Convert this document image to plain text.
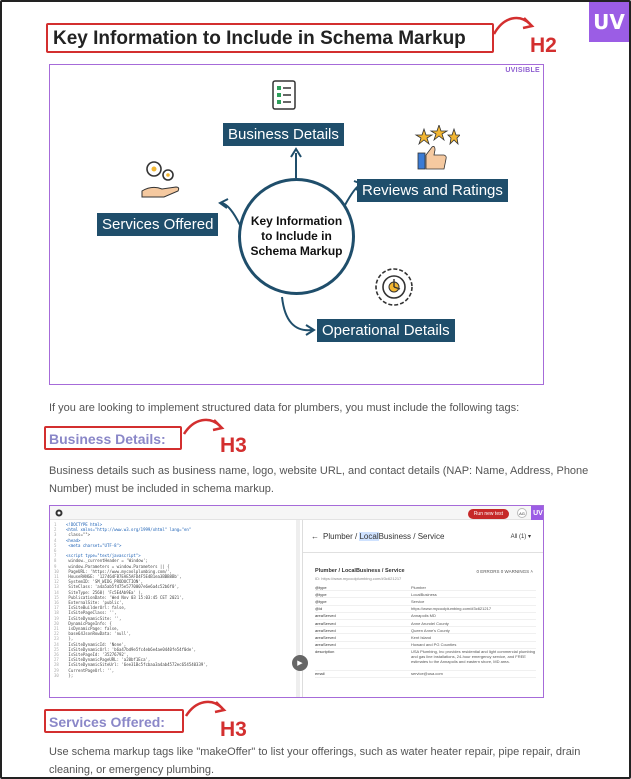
UV
Key Information to Include in Schema Markup	H2
UVISIBLE
Business Details
Reviews and Ratings
Services Offered	Key Information to Include in Schema Markup
Operational Details
If you are looking to implement structured data for plumbers, you must include the following tags:
Business Details:	H3
Business details such as business name, logo, website URL, and contact details (NAP: Name, Address, Phone Number) must be included in schema markup.
Run new test	AG	UV
1 <!DOCTYPE html>
2 <html xmlns="http://www.w3.org/1999/xhtml" lang="en"
3 class="">
4 <head>
5 <meta charset="UTF-8">
6
7 <script type="text/javascript">
8 window._currentHeader = 'Window';
9 window.Parameters = window.Parameters || {
10 PageURL: 'https://www.mycoolplumbing.com/',
11 HouseRANGE: '127464FB7EAE5AFD4F5E4B1ea3BBB8Bb',
12 SystemID: 'SM_WIDG_PRODUCTION',
13 SiteClass: 'a4a5ab5fd75e5770007e6e6a4c52b6f0',
14 SiteType: 2560( 'Fc5E4Ab9Ea' ),
15 PublicationDate: 'Wed Nov 03 15:03:45 CET 2021',
16 ExternalSite: 'public',
17 IsSiteBuilderUrl: false,
18 IsSitePageClass: '',
19 IsSiteDynamicSite: '',
20 DynamicPageInfo: {
21 isDynamicPage: false,
22 base64JsonRowData: 'null',
23 },
24 IsSiteDynamicId: 'None',
25 IsSiteDynamicUrl: 'b6a47bd9e5fc4eb6e4ae0440fe54f0de',
26 IsSitePageId: '35276792',
27 IsSiteDynamicPageURL: 'a20bf1Eca',
28 IsSiteDynamicSiteUrl: '6ee31Bc5fcbaa3a4ab4572ec654540339',
29 CurrentPageUrl: '',
30 };
← Plumber / LocalBusiness / Service	All (1) ▾
Plumber / LocalBusiness / Service	0 ERRORS 0 WARNINGS ˄
ID: https://www.mycoolplumbing.com/#3c621217
@type	Plumber
@type	LocalBusiness
@type	Service
@id	https://www.mycoolplumbing.com/#3c621217
areaServed	Annapolis MD
areaServed	Anne Arundel County
areaServed	Queen Anne's County
areaServed	Kent Island
areaServed	Howard and PG Counties
description	USA Plumbing, Inc provides residential and light commercial plumbing and gas line installations, 24-hour emergency service, and FREE estimates to the Annapolis and eastern shore, MD area.
email	service@usa.com
▶
Services Offered:	H3
Use schema markup tags like "makeOffer" to list your offerings, such as water heater repair, pipe repair, drain cleaning, or emergency plumbing.
